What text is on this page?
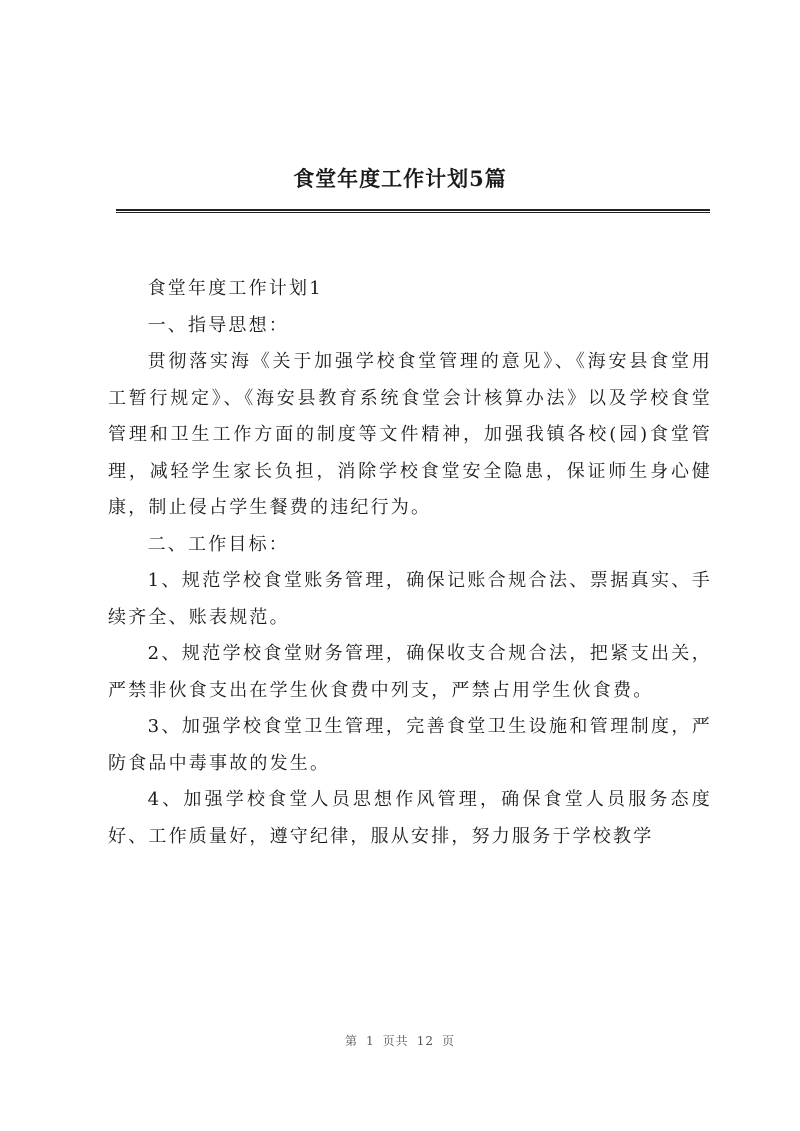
食堂年度工作计划5篇

食堂年度工作计划1

一、指导思想：

贯彻落实海《关于加强学校食堂管理的意见》、《海安县食堂用工暂行规定》、《海安县教育系统食堂会计核算办法》以及学校食堂管理和卫生工作方面的制度等文件精神，加强我镇各校(园)食堂管理，减轻学生家长负担，消除学校食堂安全隐患，保证师生身心健康，制止侵占学生餐费的违纪行为。

二、工作目标：

1、规范学校食堂账务管理，确保记账合规合法、票据真实、手续齐全、账表规范。

2、规范学校食堂财务管理，确保收支合规合法，把紧支出关，严禁非伙食支出在学生伙食费中列支，严禁占用学生伙食费。

3、加强学校食堂卫生管理，完善食堂卫生设施和管理制度，严防食品中毒事故的发生。

4、加强学校食堂人员思想作风管理，确保食堂人员服务态度好、工作质量好，遵守纪律，服从安排，努力服务于学校教学

第 1 页共 12 页
